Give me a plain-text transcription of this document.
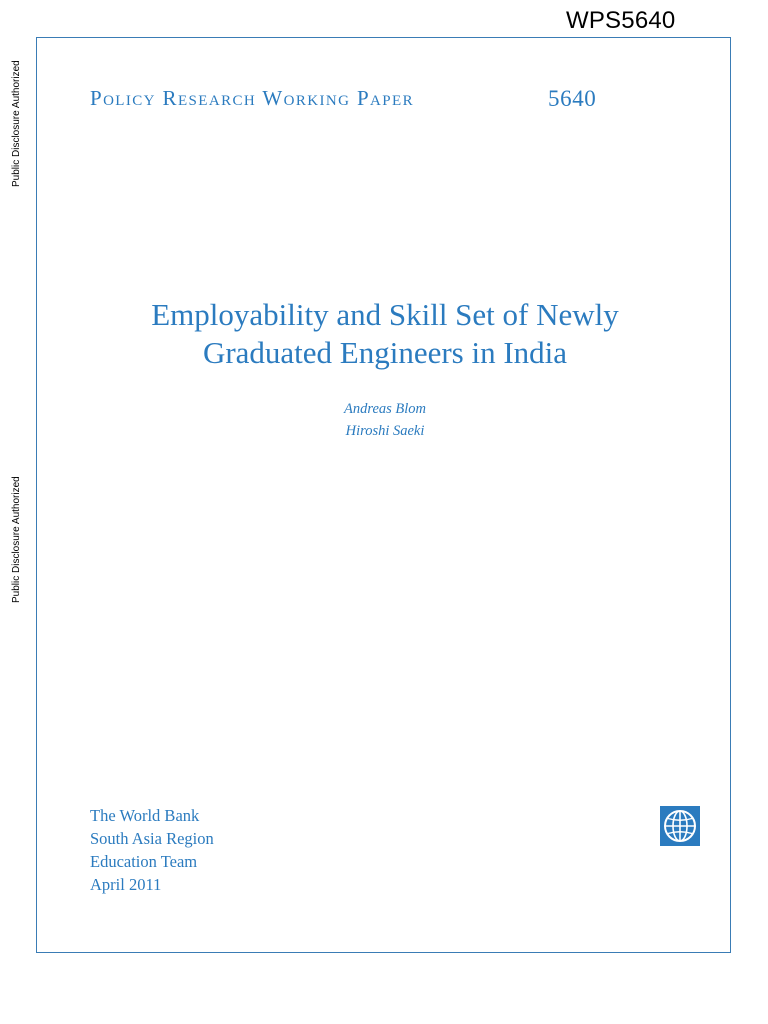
WPS5640
Public Disclosure Authorized
Public Disclosure Authorized
Policy Research Working Paper	5640
Employability and Skill Set of Newly
Graduated Engineers in India
Andreas Blom
Hiroshi Saeki
The World Bank
South Asia Region
Education Team
April 2011
